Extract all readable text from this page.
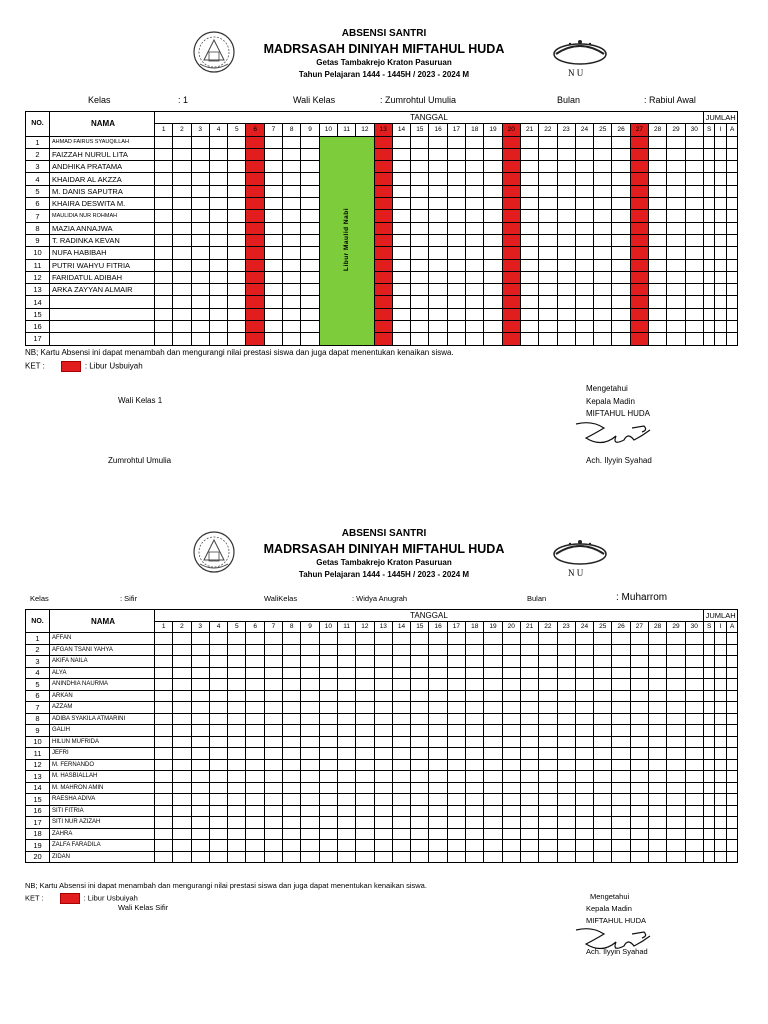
ABSENSI SANTRI
MADRSASAH DINIYAH MIFTAHUL HUDA
Getas Tambakrejo Kraton Pasuruan
Tahun Pelajaran 1444 - 1445H / 2023 - 2024 M	N U
Kelas	: 1	Wali Kelas	: Zumrohtul Umulia	Bulan	: Rabiul Awal
NO.	NAMA	TANGGAL																														JUMLAH		
		1	2	3	4	5	6	7	8	9	10	11	12	13	14	15	16	17	18	19	20	21	22	23	24	25	26	27	28	29	30	S	I	A
1	AHMAD FAIRUS SYAUQILLAH										Libur Maulid Nabi																							
2	FAIZZAH NURUL LITA																																	
3	ANDHIKA PRATAMA																																	
4	KHAIDAR AL AKZZA																																	
5	M. DANIS SAPUTRA																																	
6	KHAIRA DESWITA M.																																	
7	MAULIDIA NUR ROHMAH																																	
8	MAZIA ANNAJWA																																	
9	T. RADINKA KEVAN																																	
10	NUFA HABIBAH																																	
11	PUTRI WAHYU FITRIA																																	
12	FARIDATUL ADIBAH																																	
13	ARKA ZAYYAN ALMAIR																																	
14																																		
15																																		
16																																		
17																																		
NB; Kartu Absensi ini dapat menambah dan mengurangi nilai prestasi siswa dan juga dapat menentukan kenaikan siswa.
KET :	: Libur Usbuiyah
Wali Kelas 1
Zumrohtul Umulia
Mengetahui
Kepala Madin
MIFTAHUL HUDA
Ach. Ilyyin Syahad
ABSENSI SANTRI
MADRSASAH DINIYAH MIFTAHUL HUDA
Getas Tambakrejo Kraton Pasuruan
Tahun Pelajaran 1444 - 1445H / 2023 - 2024 M	N U
Kelas	: Sifir	WaliKelas	: Widya Anugrah	Bulan	: Muharrom
NO.	NAMA	TANGGAL																														JUMLAH		
		1	2	3	4	5	6	7	8	9	10	11	12	13	14	15	16	17	18	19	20	21	22	23	24	25	26	27	28	29	30	S	I	A
1	AFFAN																																	
2	AFGAN TSANI YAHYA																																	
3	AKIFA NAILA																																	
4	ALYA																																	
5	ANINDHIA NAURMA																																	
6	ARKAN																																	
7	AZZAM																																	
8	ADIBA SYAKILA ATMARINI																																	
9	GALIH																																	
10	HILUN MUFRIDA																																	
11	JEFRI																																	
12	M. FERNANDO																																	
13	M. HASBIALLAH																																	
14	M. MAHRON AMIN																																	
15	RAESHA ADIVA																																	
16	SITI FITRIA																																	
17	SITI NUR AZIZAH																																	
18	ZAHRA																																	
19	ZALFA FARADILA																																	
20	ZIDAN																																	
NB; Kartu Absensi ini dapat menambah dan mengurangi nilai prestasi siswa dan juga dapat menentukan kenaikan siswa.
KET :	: Libur Usbuiyah
Wali Kelas Sifir
Mengetahui
Kepala Madin
MIFTAHUL HUDA
Ach. Ilyyin Syahad
